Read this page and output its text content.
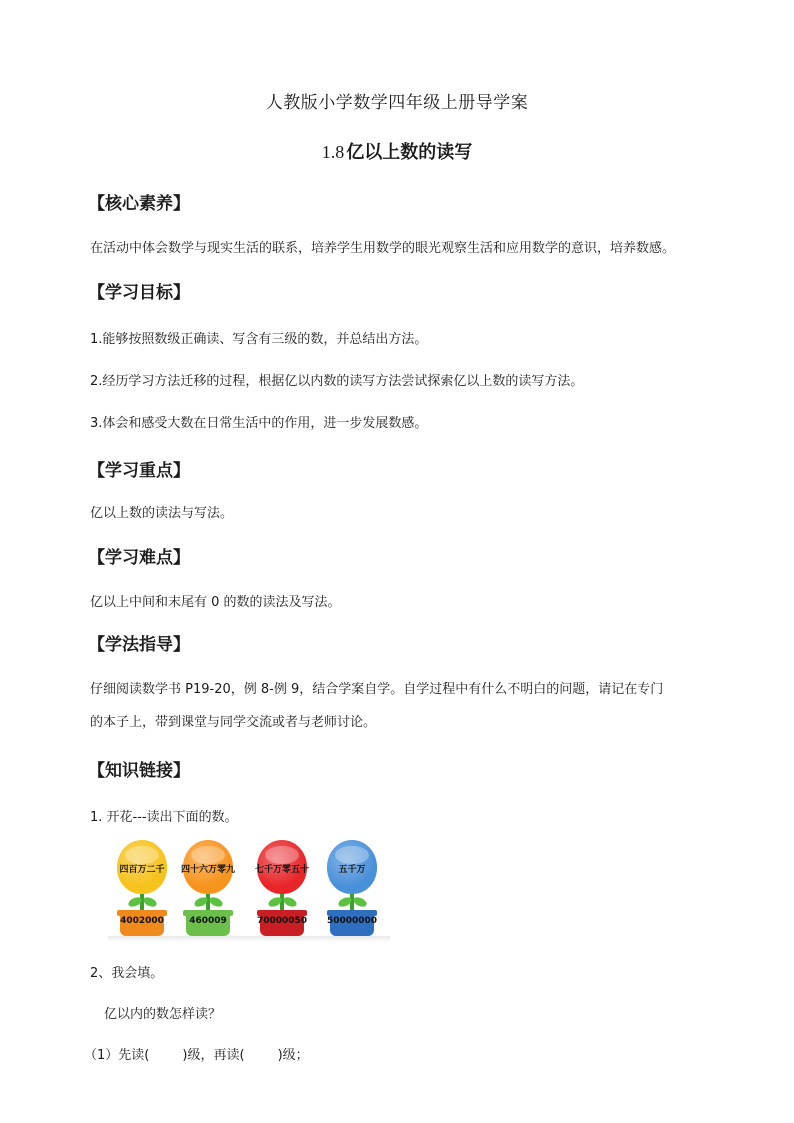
人教版小学数学四年级上册导学案
1.8 亿以上数的读写
【核心素养】
在活动中体会数学与现实生活的联系，培养学生用数学的眼光观察生活和应用数学的意识，培养数感。
【学习目标】
1.能够按照数级正确读、写含有三级的数，并总结出方法。
2.经历学习方法迁移的过程，根据亿以内数的读写方法尝试探索亿以上数的读写方法。
3.体会和感受大数在日常生活中的作用，进一步发展数感。
【学习重点】
亿以上数的读法与写法。
【学习难点】
亿以上中间和末尾有 0 的数的读法及写法。
【学法指导】
仔细阅读数学书 P19-20，例 8-例 9，结合学案自学。自学过程中有什么不明白的问题，请记在专门
的本子上，带到课堂与同学交流或者与老师讨论。
【知识链接】
1. 开花---读出下面的数。
四百万二千
4002000
四十六万零九
460009
七千万零五十
70000050
五千万
50000000
2、我会填。
亿以内的数怎样读？
（1）先读(        )级，再读(        )级；
